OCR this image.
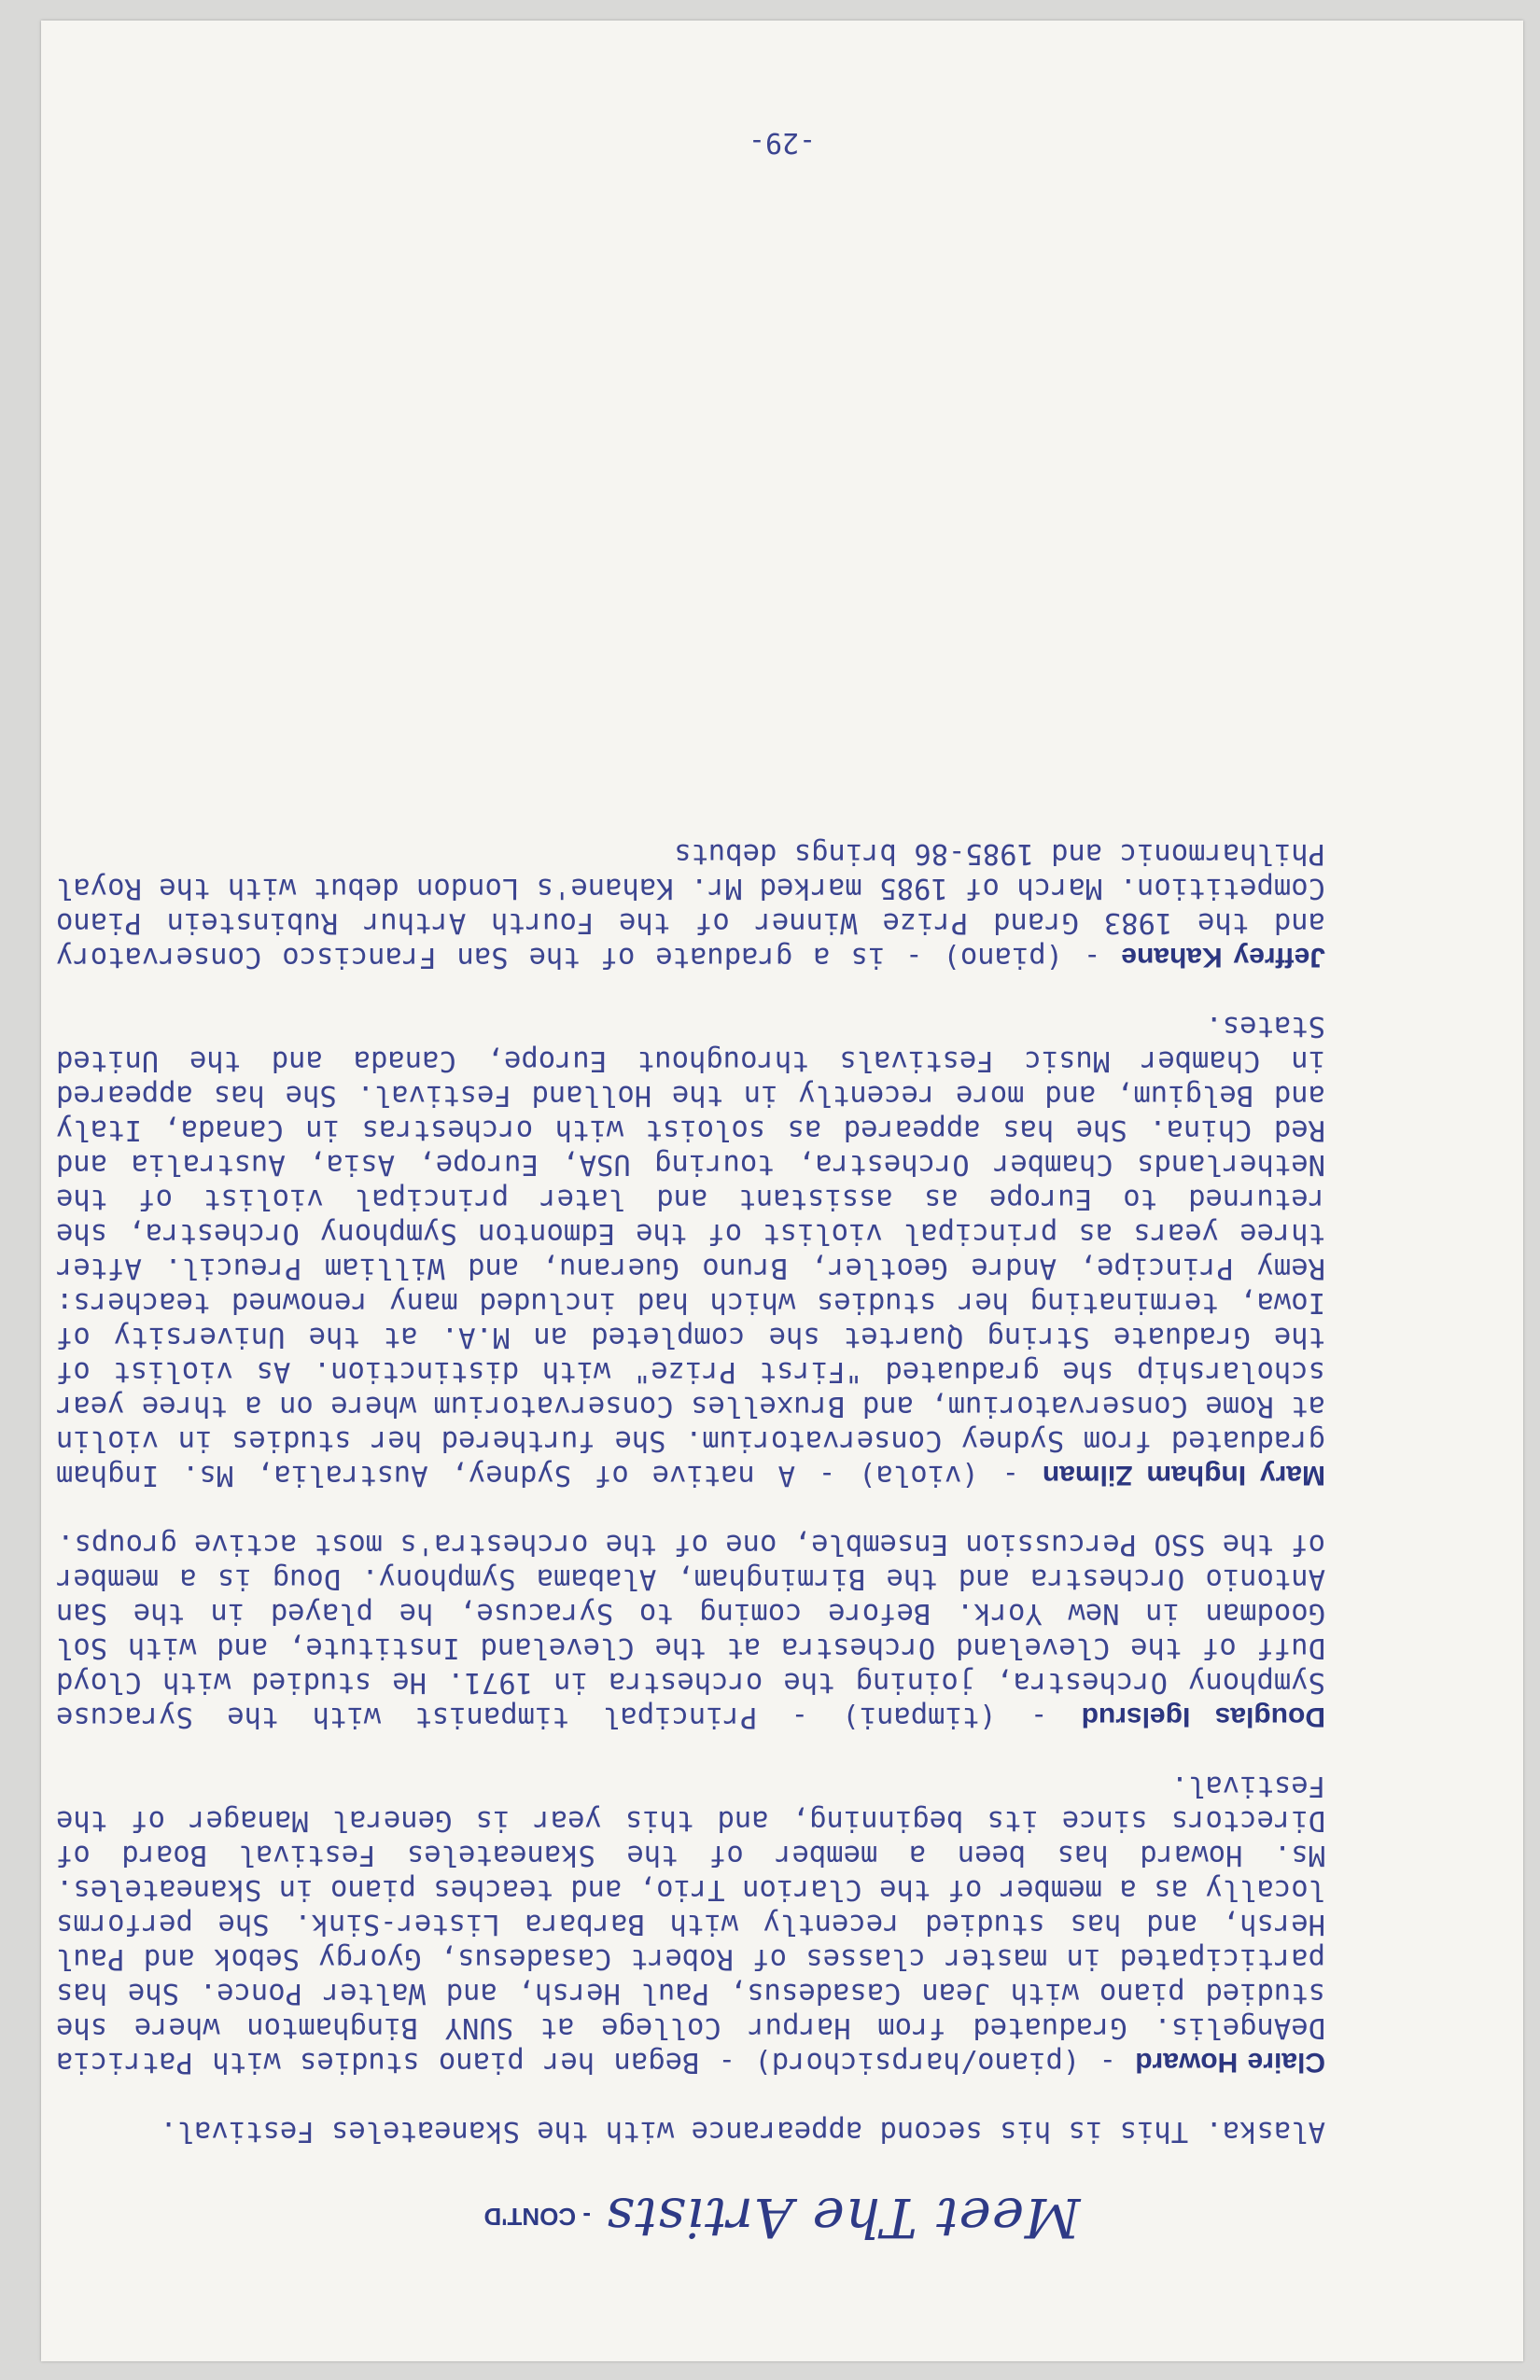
Meet The Artists - CONT'D

Alaska. This is his second appearance with the Skaneateles Festival.

Claire Howard - (piano/harpsichord) - Began her piano studies with Patricia DeAngelis. Graduated from Harpur College at SUNY Binghamton where she studied piano with Jean Casadesus, Paul Hersh, and Walter Ponce. She has participated in master classes of Robert Casadesus, Gyorgy Sebok and Paul Hersh, and has studied recently with Barbara Lister-Sink. She performs locally as a member of the Clarion Trio, and teaches piano in Skaneateles. Ms. Howard has been a member of the Skaneateles Festival Board of Directors since its beginning, and this year is General Manager of the Festival.

Douglas Igelsrud - (timpani) - Principal timpanist with the Syracuse Symphony Orchestra, joining the orchestra in 1971. He studied with Cloyd Duff of the Cleveland Orchestra at the Cleveland Institute, and with Sol Goodman in New York. Before coming to Syracuse, he played in the San Antonio Orchestra and the Birmingham, Alabama Symphony. Doug is a member of the SSO Percussion Ensemble, one of the orchestra's most active groups.

Mary Ingham Zilman - (viola) - A native of Sydney, Australia, Ms. Ingham graduated from Sydney Conservatorium. She furthered her studies in violin at Rome Conservatorium, and Bruxelles Conservatorium where on a three year scholarship she graduated "First Prize" with distinction. As violist of the Graduate String Quartet she completed an M.A. at the University of Iowa, terminating her studies which had included many renowned teachers: Remy Principe, Andre Geotler, Bruno Gueranu, and William Preucil. After three years as principal violist of the Edmonton Symphony Orchestra, she returned to Europe as assistant and later principal violist of the Netherlands Chamber Orchestra, touring USA, Europe, Asia, Australia and Red China. She has appeared as soloist with orchestras in Canada, Italy and Belgium, and more recently in the Holland Festival. She has appeared in Chamber Music Festivals throughout Europe, Canada and the United States.

Jeffrey Kahane - (piano) - is a graduate of the San Francisco Conservatory and the 1983 Grand Prize Winner of the Fourth Arthur Rubinstein Piano Competition. March of 1985 marked Mr. Kahane's London debut with the Royal Philharmonic and 1985-86 brings debuts

-29-
